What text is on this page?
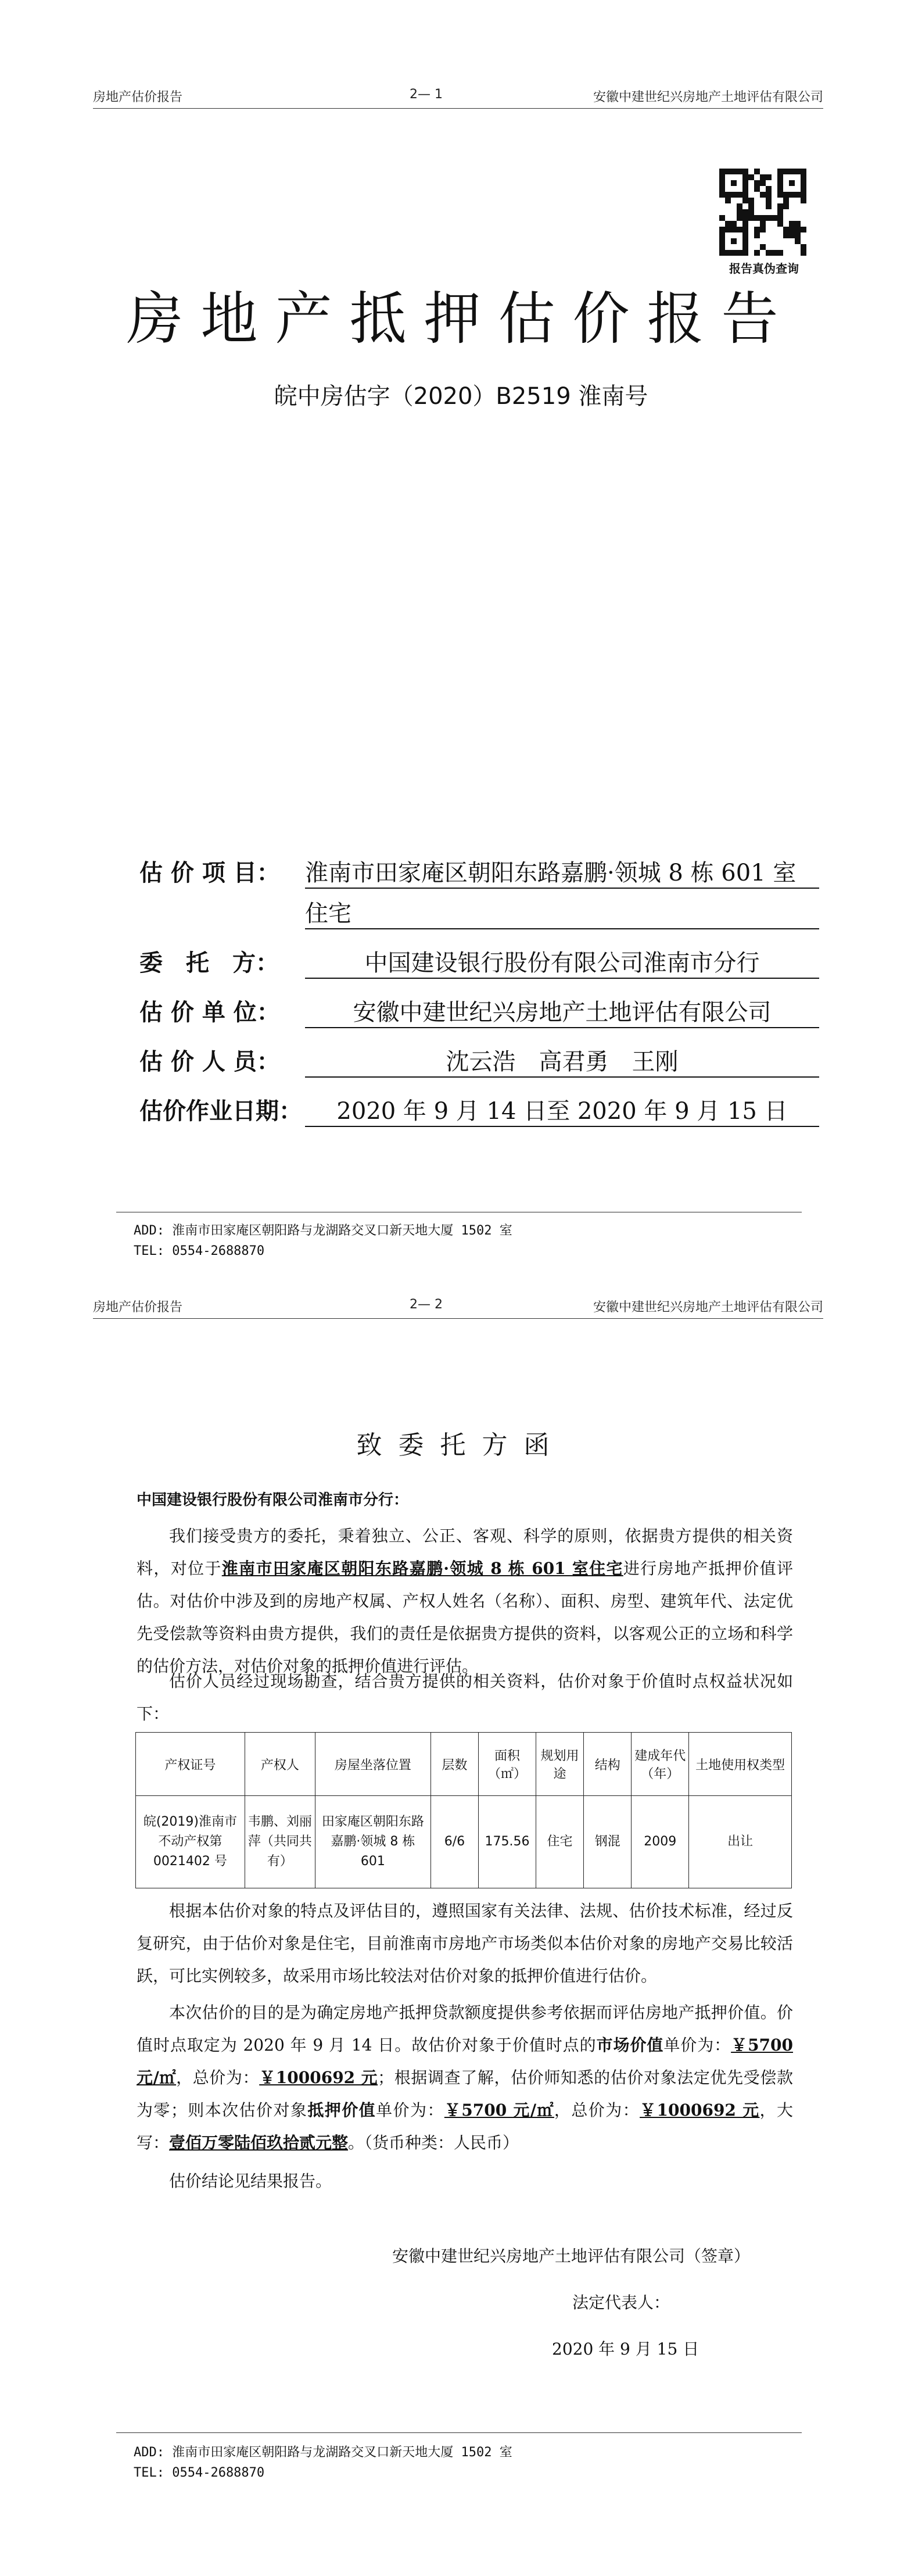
房地产估价报告	2— 1	安徽中建世纪兴房地产土地评估有限公司
报告真伪查询
房地产抵押估价报告
皖中房估字（2020）B2519 淮南号
估 价 项 目： 淮南市田家庵区朝阳东路嘉鹏·领城 8 栋 601 室
住宅
委　托　方：	中国建设银行股份有限公司淮南市分行
估 价 单 位：	安徽中建世纪兴房地产土地评估有限公司
估 价 人 员：	沈云浩　高君勇　王刚
估价作业日期：	2020 年 9 月 14 日至 2020 年 9 月 15 日
ADD: 淮南市田家庵区朝阳路与龙湖路交叉口新天地大厦 1502 室
TEL: 0554-2688870
房地产估价报告	2— 2	安徽中建世纪兴房地产土地评估有限公司
致委托方函
中国建设银行股份有限公司淮南市分行：
我们接受贵方的委托，秉着独立、公正、客观、科学的原则，依据贵方提供的相关资料，对位于淮南市田家庵区朝阳东路嘉鹏·领城 8 栋 601 室住宅进行房地产抵押价值评估。对估价中涉及到的房地产权属、产权人姓名（名称）、面积、房型、建筑年代、法定优先受偿款等资料由贵方提供，我们的责任是依据贵方提供的资料，以客观公正的立场和科学的估价方法，对估价对象的抵押价值进行评估。
估价人员经过现场勘查，结合贵方提供的相关资料，估价对象于价值时点权益状况如下：
产权证号	产权人	房屋坐落位置	层数	面积（㎡）	规划用途	结构	建成年代（年）	土地使用权类型
皖(2019)淮南市不动产权第 0021402 号	韦鹏、刘丽萍（共同共有）	田家庵区朝阳东路嘉鹏·领城 8 栋 601	6/6	175.56	住宅	钢混	2009	出让
根据本估价对象的特点及评估目的，遵照国家有关法律、法规、估价技术标准，经过反复研究，由于估价对象是住宅，目前淮南市房地产市场类似本估价对象的房地产交易比较活跃，可比实例较多，故采用市场比较法对估价对象的抵押价值进行估价。
本次估价的目的是为确定房地产抵押贷款额度提供参考依据而评估房地产抵押价值。价值时点取定为 2020 年 9 月 14 日。故估价对象于价值时点的市场价值单价为：￥5700 元/㎡，总价为：￥1000692 元；根据调查了解，估价师知悉的估价对象法定优先受偿款为零；则本次估价对象抵押价值单价为：￥5700 元/㎡，总价为：￥1000692 元，大写：壹佰万零陆佰玖拾贰元整。（货币种类：人民币）
估价结论见结果报告。
安徽中建世纪兴房地产土地评估有限公司（签章）
法定代表人：
2020 年 9 月 15 日
ADD: 淮南市田家庵区朝阳路与龙湖路交叉口新天地大厦 1502 室
TEL: 0554-2688870
